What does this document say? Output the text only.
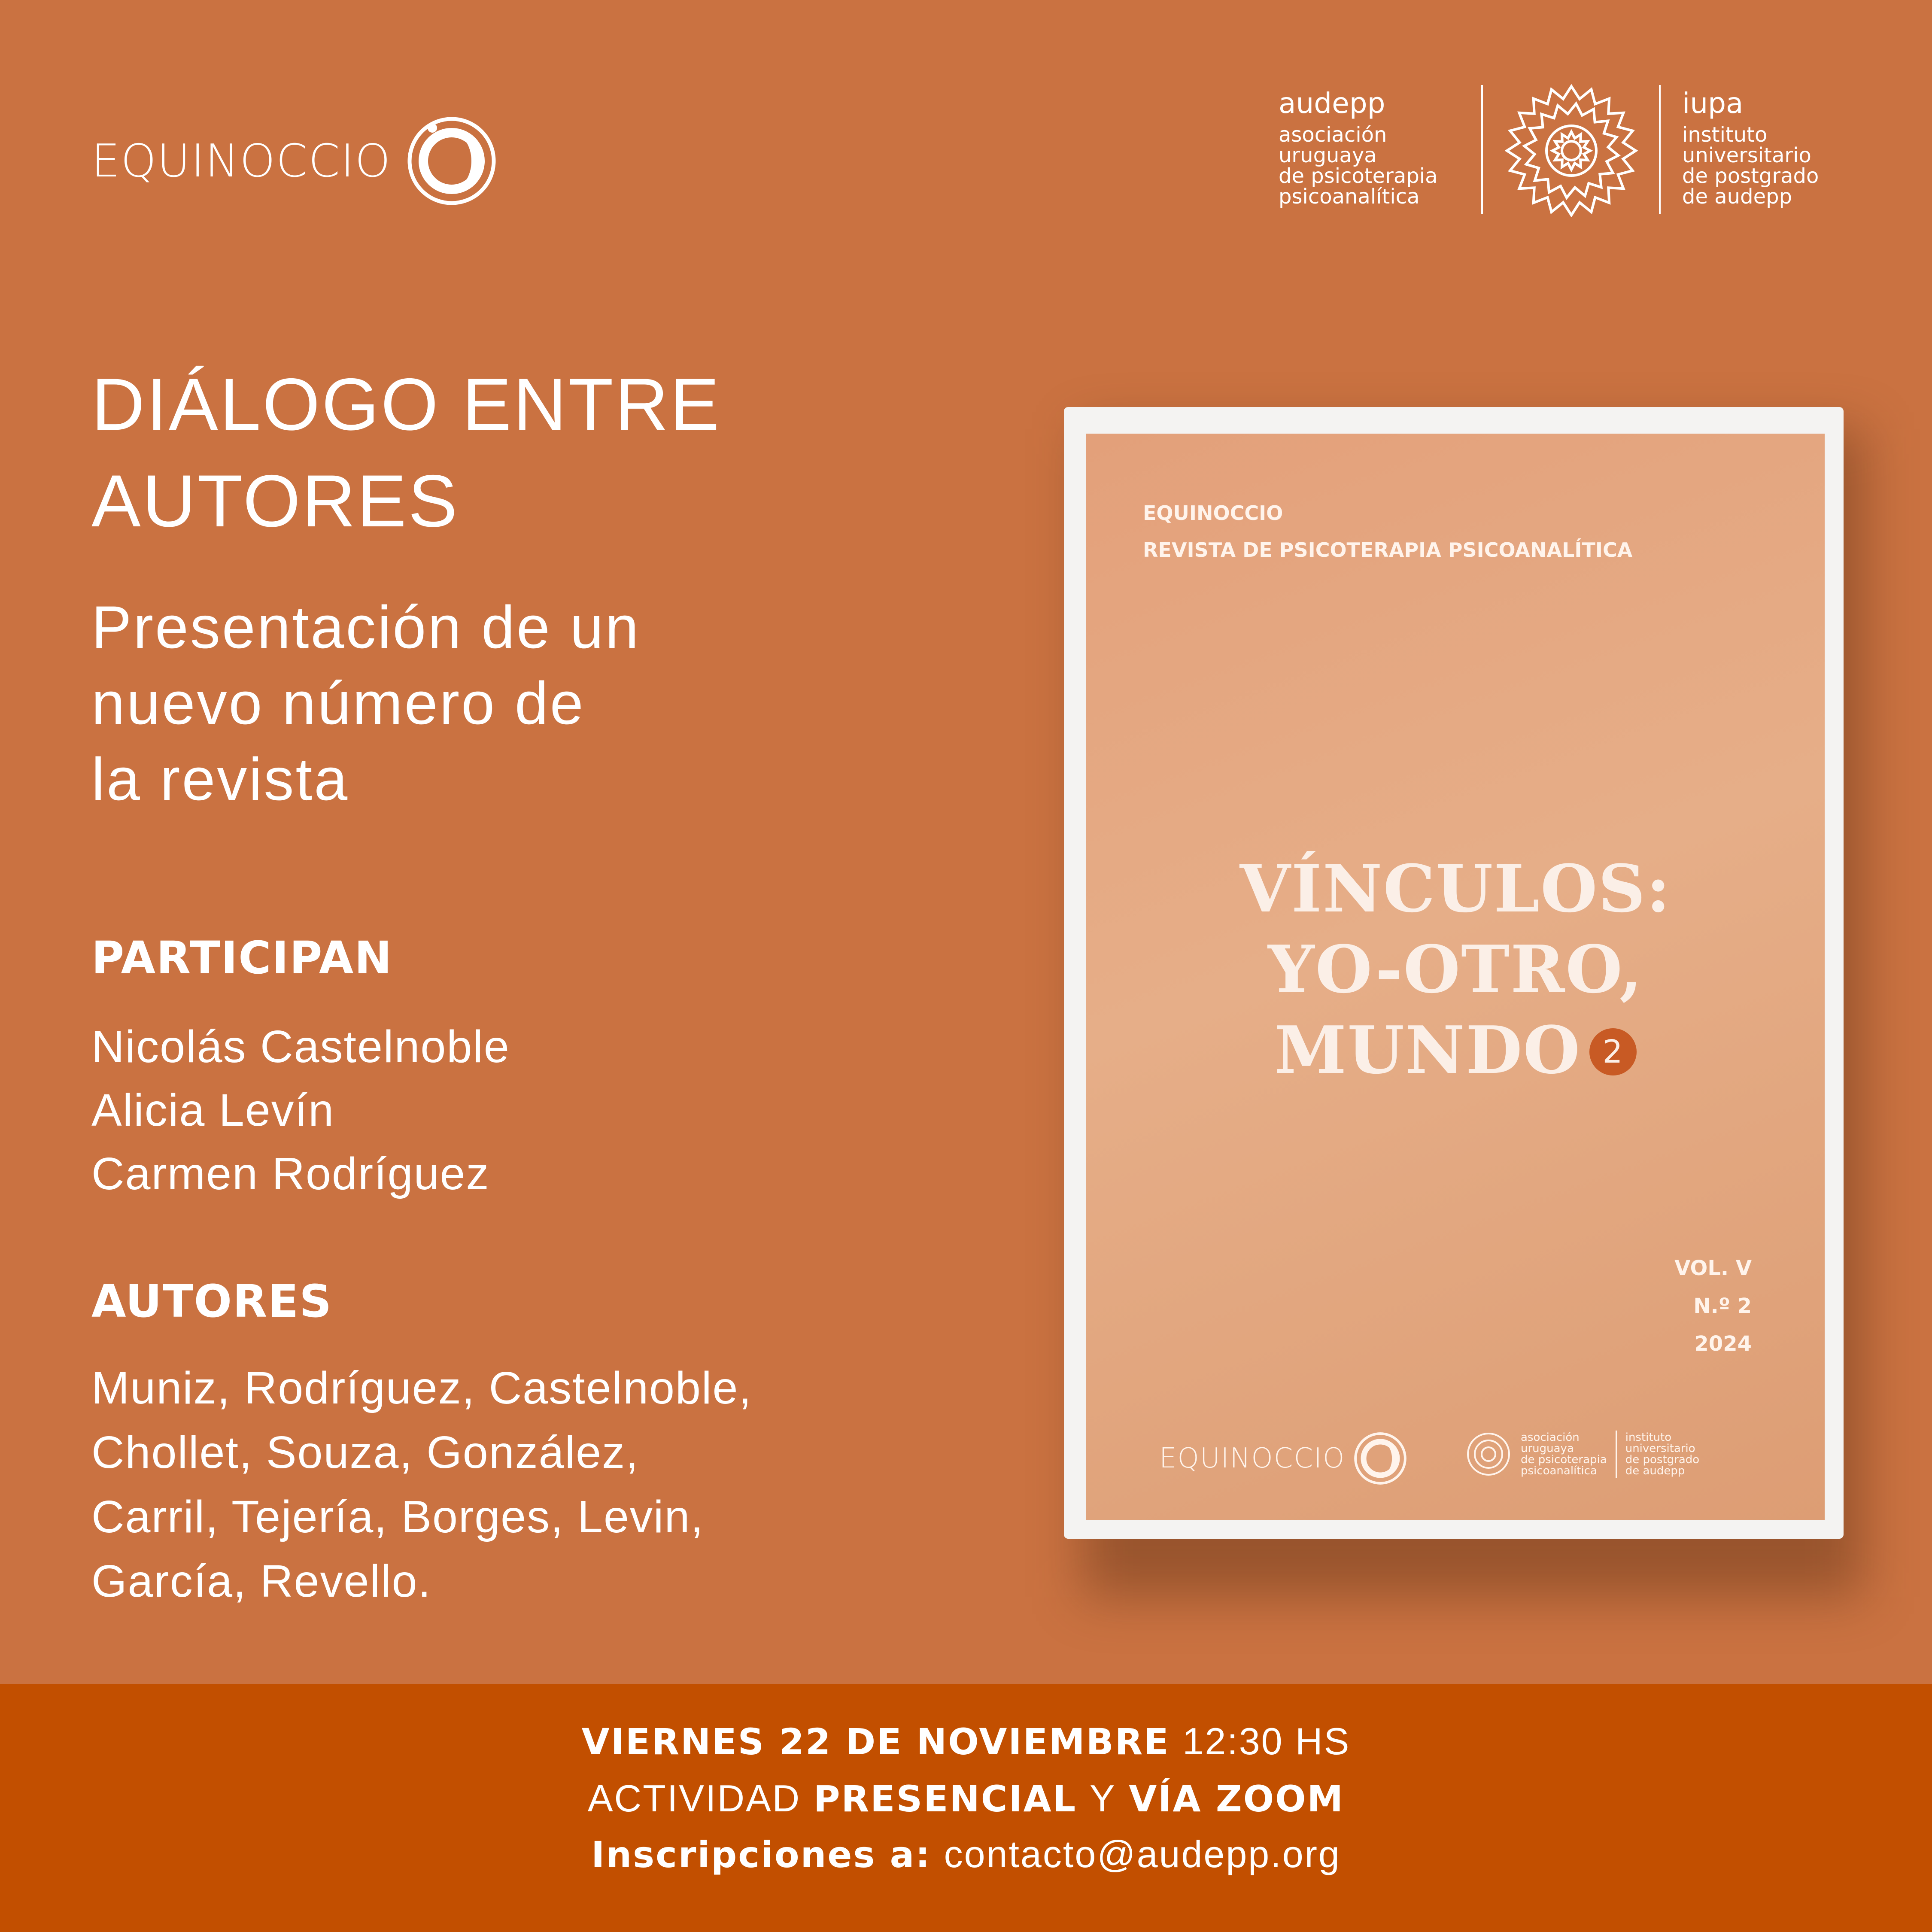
EQUINOCCIO
audepp
asociación
uruguaya
de psicoterapia
psicoanalítica
iupa
instituto
universitario
de postgrado
de audepp
DIÁLOGO ENTRE
AUTORES
Presentación de un
nuevo número de
la revista
PARTICIPAN
Nicolás Castelnoble
Alicia Levín
Carmen Rodríguez
AUTORES
Muniz, Rodríguez, Castelnoble,
Chollet, Souza, González,
Carril, Tejería, Borges, Levin,
García, Revello.
EQUINOCCIO
REVISTA DE PSICOTERAPIA PSICOANALÍTICA
VÍNCULOS:
YO-OTRO,
MUNDO 2
VOL. V
N.º 2
2024
EQUINOCCIO
asociación
uruguaya
de psicoterapia
psicoanalítica
instituto
universitario
de postgrado
de audepp
VIERNES 22 DE NOVIEMBRE 12:30 HS
ACTIVIDAD PRESENCIAL Y VÍA ZOOM
Inscripciones a: contacto@audepp.org
